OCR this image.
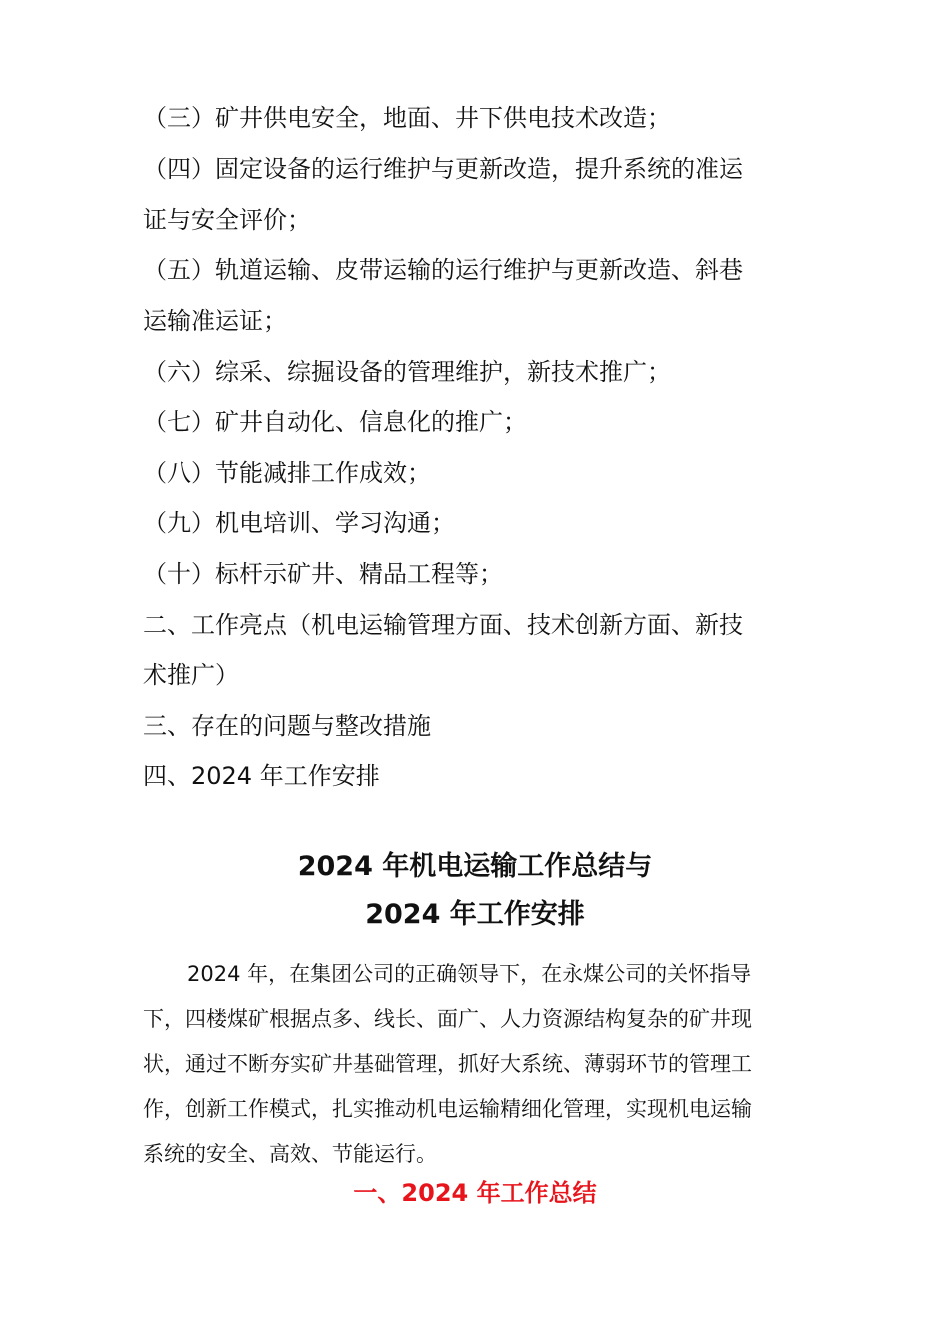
（三）矿井供电安全，地面、井下供电技术改造；
（四）固定设备的运行维护与更新改造，提升系统的准运
证与安全评价；
（五）轨道运输、皮带运输的运行维护与更新改造、斜巷
运输准运证；
（六）综采、综掘设备的管理维护，新技术推广；
（七）矿井自动化、信息化的推广；
（八）节能减排工作成效；
（九）机电培训、学习沟通；
（十）标杆示矿井、精品工程等；
二、工作亮点（机电运输管理方面、技术创新方面、新技
术推广）
三、存在的问题与整改措施
四、2024 年工作安排
2024 年机电运输工作总结与
2024 年工作安排
2024 年，在集团公司的正确领导下，在永煤公司的关怀指导
下，四楼煤矿根据点多、线长、面广、人力资源结构复杂的矿井现
状，通过不断夯实矿井基础管理，抓好大系统、薄弱环节的管理工
作，创新工作模式，扎实推动机电运输精细化管理，实现机电运输
系统的安全、高效、节能运行。
一、2024 年工作总结
